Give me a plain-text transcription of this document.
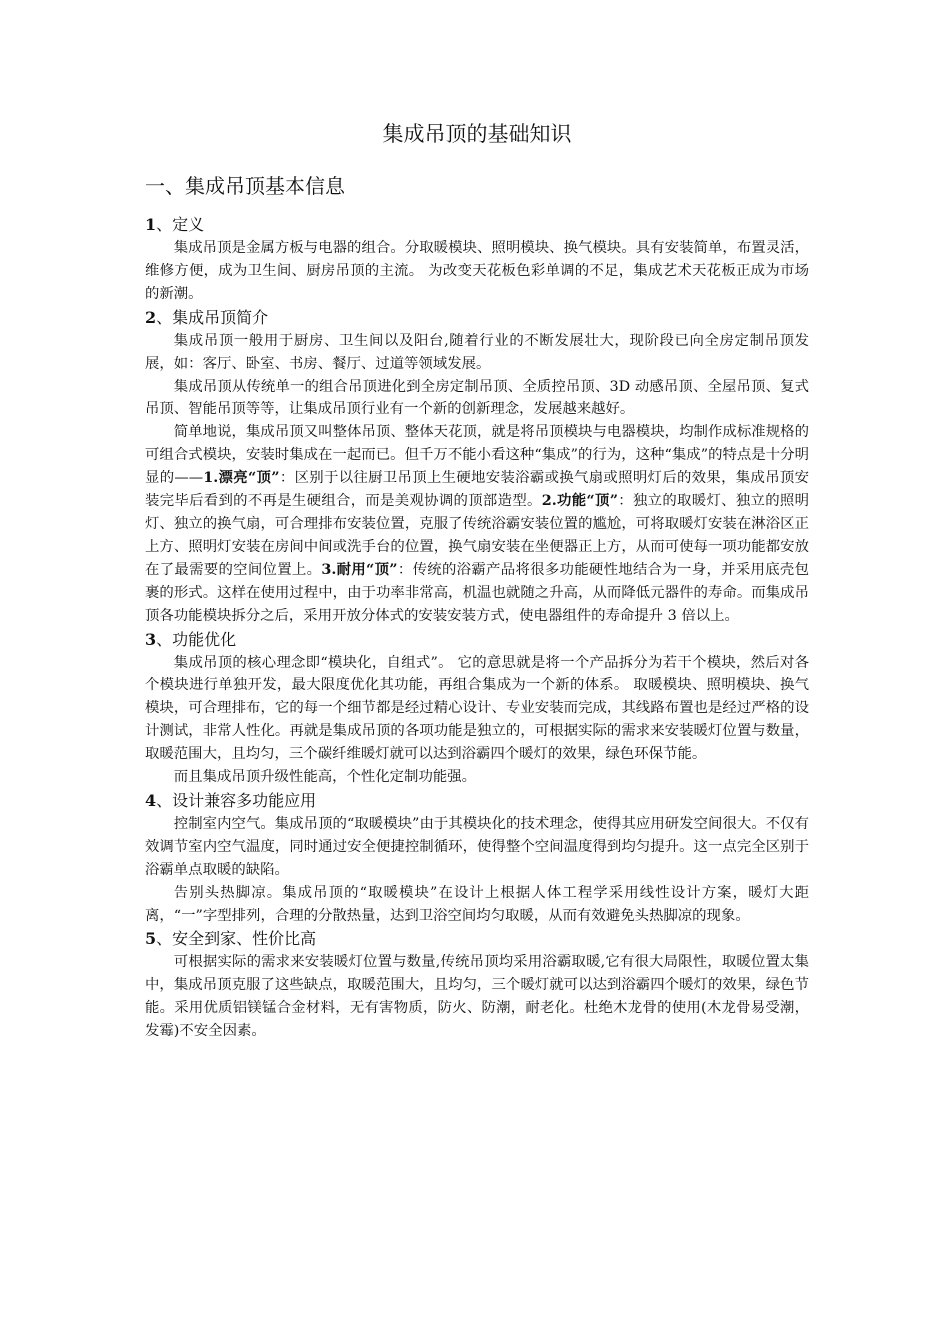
集成吊顶的基础知识
一、集成吊顶基本信息
1、定义

集成吊顶是金属方板与电器的组合。分取暖模块、照明模块、换气模块。具有安装简单，布置灵活，维修方便，成为卫生间、厨房吊顶的主流。 为改变天花板色彩单调的不足，集成艺术天花板正成为市场的新潮。

2、集成吊顶简介

集成吊顶一般用于厨房、卫生间以及阳台,随着行业的不断发展壮大，现阶段已向全房定制吊顶发展，如：客厅、卧室、书房、餐厅、过道等领域发展。

集成吊顶从传统单一的组合吊顶进化到全房定制吊顶、全质控吊顶、3D 动感吊顶、全屋吊顶、复式吊顶、智能吊顶等等，让集成吊顶行业有一个新的创新理念，发展越来越好。

简单地说，集成吊顶又叫整体吊顶、整体天花顶，就是将吊顶模块与电器模块，均制作成标准规格的可组合式模块，安装时集成在一起而已。但千万不能小看这种“集成”的行为，这种“集成”的特点是十分明显的——1.漂亮“顶”：区别于以往厨卫吊顶上生硬地安装浴霸或换气扇或照明灯后的效果，集成吊顶安装完毕后看到的不再是生硬组合，而是美观协调的顶部造型。2.功能“顶”：独立的取暖灯、独立的照明灯、独立的换气扇，可合理排布安装位置，克服了传统浴霸安装位置的尴尬，可将取暖灯安装在淋浴区正上方、照明灯安装在房间中间或洗手台的位置，换气扇安装在坐便器正上方，从而可使每一项功能都安放在了最需要的空间位置上。3.耐用“顶”：传统的浴霸产品将很多功能硬性地结合为一身，并采用底壳包裹的形式。这样在使用过程中，由于功率非常高，机温也就随之升高，从而降低元器件的寿命。而集成吊顶各功能模块拆分之后，采用开放分体式的安装安装方式，使电器组件的寿命提升 3 倍以上。

3、功能优化

集成吊顶的核心理念即“模块化，自组式”。 它的意思就是将一个产品拆分为若干个模块，然后对各个模块进行单独开发，最大限度优化其功能，再组合集成为一个新的体系。 取暖模块、照明模块、换气模块，可合理排布，它的每一个细节都是经过精心设计、专业安装而完成，其线路布置也是经过严格的设计测试，非常人性化。再就是集成吊顶的各项功能是独立的，可根据实际的需求来安装暖灯位置与数量，取暖范围大，且均匀，三个碳纤维暖灯就可以达到浴霸四个暖灯的效果，绿色环保节能。

而且集成吊顶升级性能高，个性化定制功能强。

4、设计兼容多功能应用

控制室内空气。集成吊顶的“取暖模块”由于其模块化的技术理念，使得其应用研发空间很大。不仅有效调节室内空气温度，同时通过安全便捷控制循环，使得整个空间温度得到均匀提升。这一点完全区别于浴霸单点取暖的缺陷。

告别头热脚凉。集成吊顶的“取暖模块”在设计上根据人体工程学采用线性设计方案，暖灯大距离，“一”字型排列，合理的分散热量，达到卫浴空间均匀取暖，从而有效避免头热脚凉的现象。

5、安全到家、性价比高

可根据实际的需求来安装暖灯位置与数量,传统吊顶均采用浴霸取暖,它有很大局限性，取暖位置太集中，集成吊顶克服了这些缺点，取暖范围大，且均匀，三个暖灯就可以达到浴霸四个暖灯的效果，绿色节能。采用优质铝镁锰合金材料，无有害物质，防火、防潮，耐老化。杜绝木龙骨的使用(木龙骨易受潮，发霉)不安全因素。
